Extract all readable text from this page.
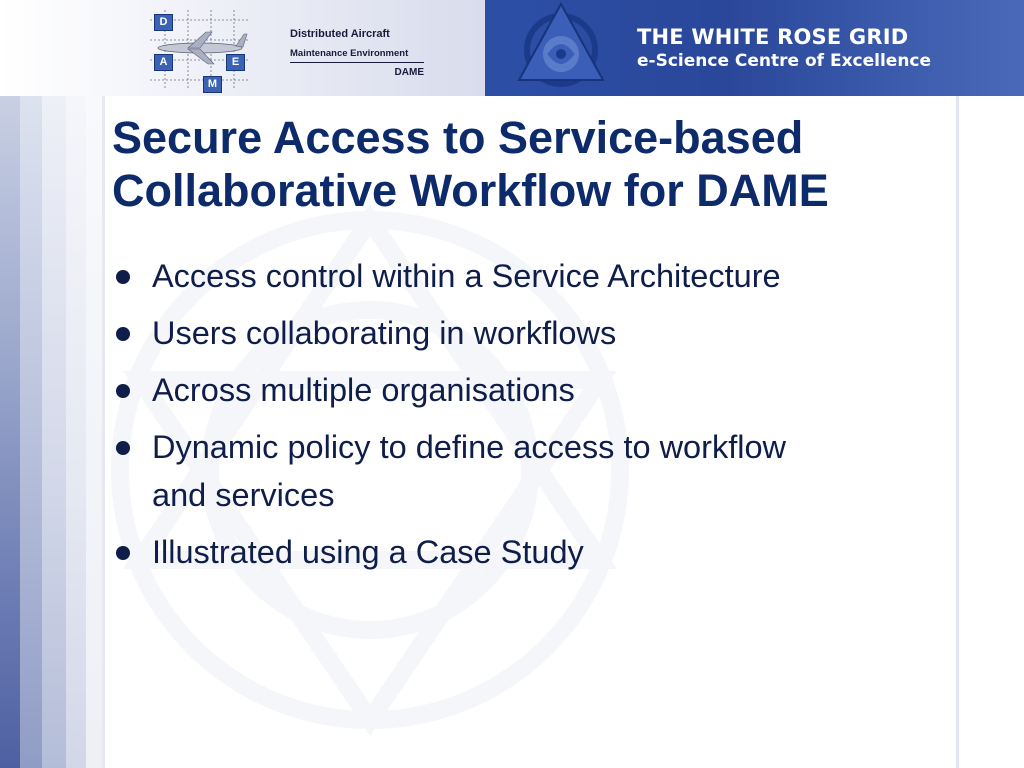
D
A	E
M
Distributed Aircraft
Maintenance Environment
DAME
THE WHITE ROSE GRID
e-Science Centre of Excellence
Secure Access to Service-based
Collaborative Workflow for DAME
Access control within a Service Architecture
Users collaborating in workflows
Across multiple organisations
Dynamic policy to define access to workflow
and services
Illustrated using a Case Study
